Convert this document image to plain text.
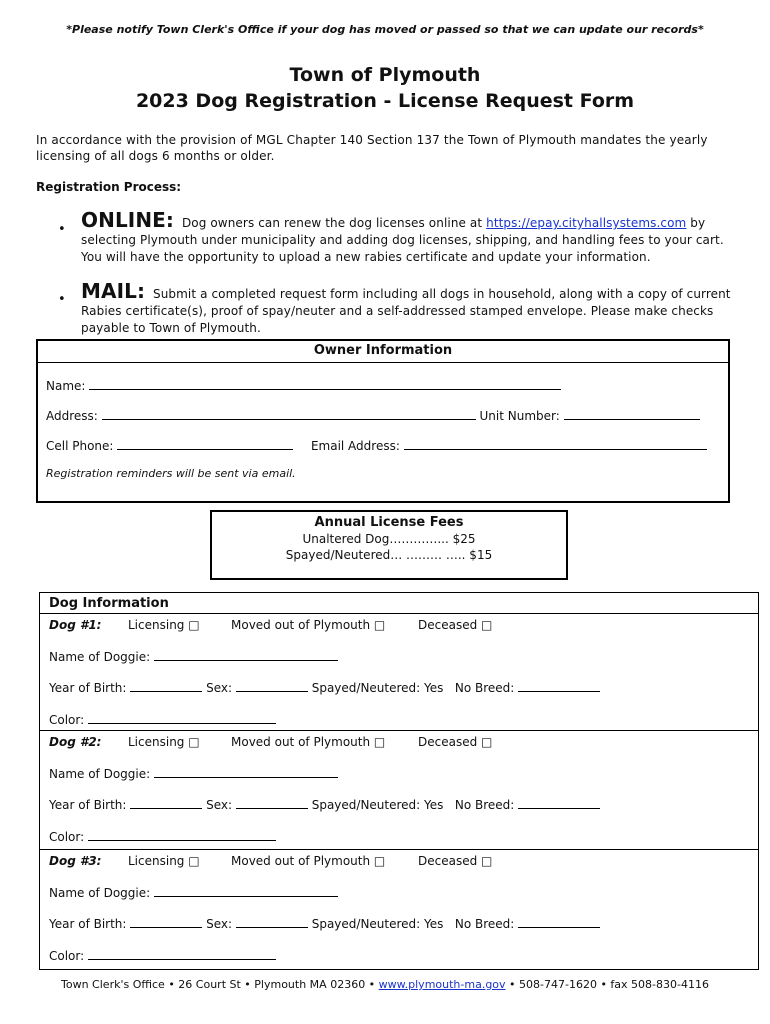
*Please notify Town Clerk's Office if your dog has moved or passed so that we can update our records*
Town of Plymouth
2023 Dog Registration - License Request Form
In accordance with the provision of MGL Chapter 140 Section 137 the Town of Plymouth mandates the yearly licensing of all dogs 6 months or older.
Registration Process:
• ONLINE: Dog owners can renew the dog licenses online at https://epay.cityhallsystems.com by selecting Plymouth under municipality and adding dog licenses, shipping, and handling fees to your cart. You will have the opportunity to upload a new rabies certificate and update your information.
• MAIL: Submit a completed request form including all dogs in household, along with a copy of current Rabies certificate(s), proof of spay/neuter and a self-addressed stamped envelope. Please make checks payable to Town of Plymouth.
Owner Information
Name:
Address:	Unit Number:
Cell Phone:	Email Address:
Registration reminders will be sent via email.
Annual License Fees
Unaltered Dog…………... $25
Spayed/Neutered… ……… ….. $15
Dog Information
Dog #1: Licensing □	Moved out of Plymouth □	Deceased □
Name of Doggie:
Year of Birth:	Sex:	Spayed/Neutered: Yes No Breed:
Color:
Dog #2: Licensing □	Moved out of Plymouth □	Deceased □
Name of Doggie:
Year of Birth:	Sex:	Spayed/Neutered: Yes No Breed:
Color:
Dog #3: Licensing □	Moved out of Plymouth □	Deceased □
Name of Doggie:
Year of Birth:	Sex:	Spayed/Neutered: Yes No Breed:
Color:
Town Clerk's Office • 26 Court St • Plymouth MA 02360 • www.plymouth-ma.gov • 508-747-1620 • fax 508-830-4116
